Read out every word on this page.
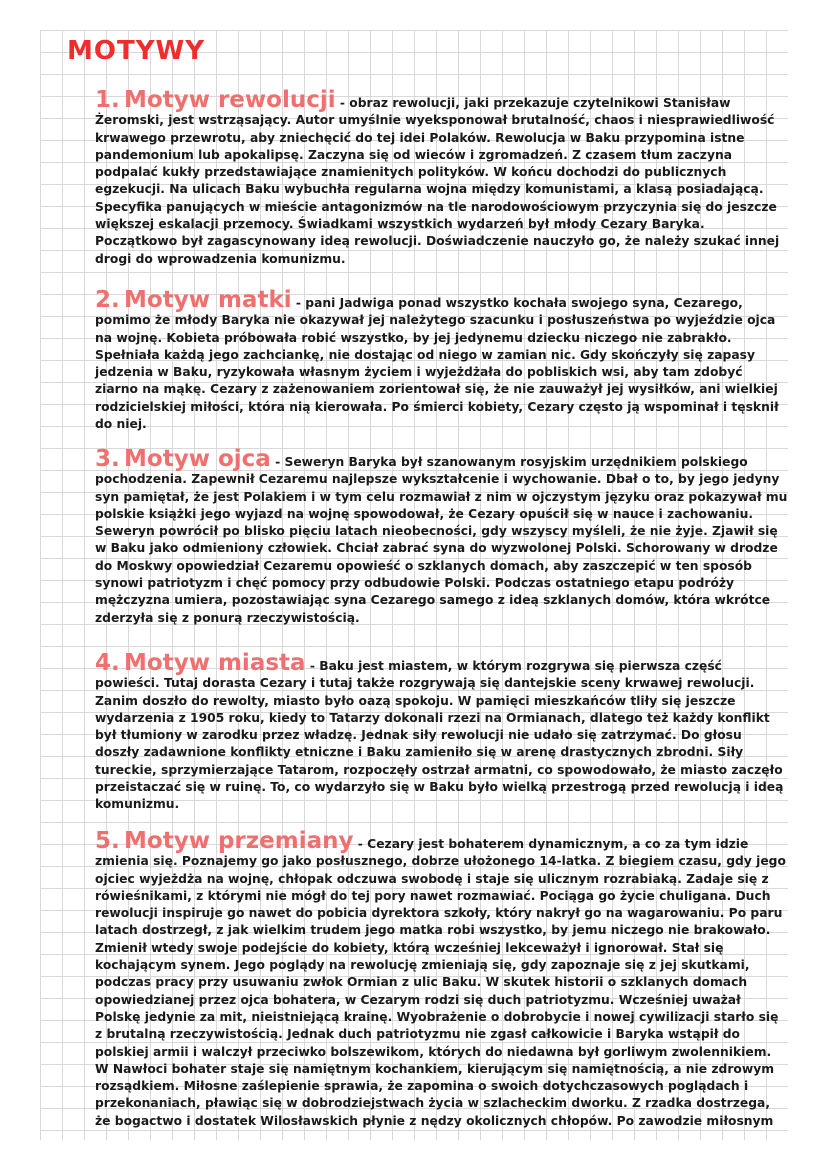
MOTYWY
1. Motyw rewolucji - obraz rewolucji, jaki przekazuje czytelnikowi Stanisław Żeromski, jest wstrząsający. Autor umyślnie wyeksponował brutalność, chaos i niesprawiedliwość krwawego przewrotu, aby zniechęcić do tej idei Polaków. Rewolucja w Baku przypomina istne pandemonium lub apokalipsę. Zaczyna się od wieców i zgromadzeń. Z czasem tłum zaczyna podpalać kukły przedstawiające znamienitych polityków. W końcu dochodzi do publicznych egzekucji. Na ulicach Baku wybuchła regularna wojna między komunistami, a klasą posiadającą. Specyfika panujących w mieście antagonizmów na tle narodowościowym przyczynia się do jeszcze większej eskalacji przemocy. Świadkami wszystkich wydarzeń był młody Cezary Baryka. Początkowo był zagascynowany ideą rewolucji. Doświadczenie nauczyło go, że należy szukać innej drogi do wprowadzenia komunizmu.
2. Motyw matki - pani Jadwiga ponad wszystko kochała swojego syna, Cezarego, pomimo że młody Baryka nie okazywał jej należytego szacunku i posłuszeństwa po wyjeździe ojca na wojnę. Kobieta próbowała robić wszystko, by jej jedynemu dziecku niczego nie zabrakło. Spełniała każdą jego zachciankę, nie dostając od niego w zamian nic. Gdy skończyły się zapasy jedzenia w Baku, ryzykowała własnym życiem i wyjeżdżała do pobliskich wsi, aby tam zdobyć ziarno na mąkę. Cezary z zażenowaniem zorientował się, że nie zauważył jej wysiłków, ani wielkiej rodzicielskiej miłości, która nią kierowała. Po śmierci kobiety, Cezary często ją wspominał i tęsknił do niej.
3. Motyw ojca - Seweryn Baryka był szanowanym rosyjskim urzędnikiem polskiego pochodzenia. Zapewnił Cezaremu najlepsze wykształcenie i wychowanie. Dbał o to, by jego jedyny syn pamiętał, że jest Polakiem i w tym celu rozmawiał z nim w ojczystym języku oraz pokazywał mu polskie książki jego wyjazd na wojnę spowodował, że Cezary opuścił się w nauce i zachowaniu. Seweryn powrócił po blisko pięciu latach nieobecności, gdy wszyscy myśleli, że nie żyje. Zjawił się w Baku jako odmieniony człowiek. Chciał zabrać syna do wyzwolonej Polski. Schorowany w drodze do Moskwy opowiedział Cezaremu opowieść o szklanych domach, aby zaszczepić w ten sposób synowi patriotyzm i chęć pomocy przy odbudowie Polski. Podczas ostatniego etapu podróży mężczyzna umiera, pozostawiając syna Cezarego samego z ideą szklanych domów, która wkrótce zderzyła się z ponurą rzeczywistością.
4. Motyw miasta - Baku jest miastem, w którym rozgrywa się pierwsza część powieści. Tutaj dorasta Cezary i tutaj także rozgrywają się dantejskie sceny krwawej rewolucji. Zanim doszło do rewolty, miasto było oazą spokoju. W pamięci mieszkańców tliły się jeszcze wydarzenia z 1905 roku, kiedy to Tatarzy dokonali rzezi na Ormianach, dlatego też każdy konflikt był tłumiony w zarodku przez władzę. Jednak siły rewolucji nie udało się zatrzymać. Do głosu doszły zadawnione konflikty etniczne i Baku zamieniło się w arenę drastycznych zbrodni. Siły tureckie, sprzymierzające Tatarom, rozpoczęły ostrzał armatni, co spowodowało, że miasto zaczęło przeistaczać się w ruinę. To, co wydarzyło się w Baku było wielką przestrogą przed rewolucją i ideą komunizmu.
5. Motyw przemiany - Cezary jest bohaterem dynamicznym, a co za tym idzie zmienia się. Poznajemy go jako posłusznego, dobrze ułożonego 14-latka. Z biegiem czasu, gdy jego ojciec wyjeżdża na wojnę, chłopak odczuwa swobodę i staje się ulicznym rozrabiaką. Zadaje się z rówieśnikami, z którymi nie mógł do tej pory nawet rozmawiać. Pociąga go życie chuligana. Duch rewolucji inspiruje go nawet do pobicia dyrektora szkoły, który nakrył go na wagarowaniu. Po paru latach dostrzegł, z jak wielkim trudem jego matka robi wszystko, by jemu niczego nie brakowało. Zmienił wtedy swoje podejście do kobiety, którą wcześniej lekceważył i ignorował. Stał się kochającym synem. Jego poglądy na rewolucję zmieniają się, gdy zapoznaje się z jej skutkami, podczas pracy przy usuwaniu zwłok Ormian z ulic Baku. W skutek historii o szklanych domach opowiedzianej przez ojca bohatera, w Cezarym rodzi się duch patriotyzmu. Wcześniej uważał Polskę jedynie za mit, nieistniejącą krainę. Wyobrażenie o dobrobycie i nowej cywilizacji starło się z brutalną rzeczywistością. Jednak duch patriotyzmu nie zgasł całkowicie i Baryka wstąpił do polskiej armii i walczył przeciwko bolszewikom, których do niedawna był gorliwym zwolennikiem. W Nawłoci bohater staje się namiętnym kochankiem, kierującym się namiętnością, a nie zdrowym rozsądkiem. Miłosne zaślepienie sprawia, że zapomina o swoich dotychczasowych poglądach i przekonaniach, pławiąc się w dobrodziejstwach życia w szlacheckim dworku. Z rzadka dostrzega, że bogactwo i dostatek Wilosławskich płynie z nędzy okolicznych chłopów. Po zawodzie miłosnym
